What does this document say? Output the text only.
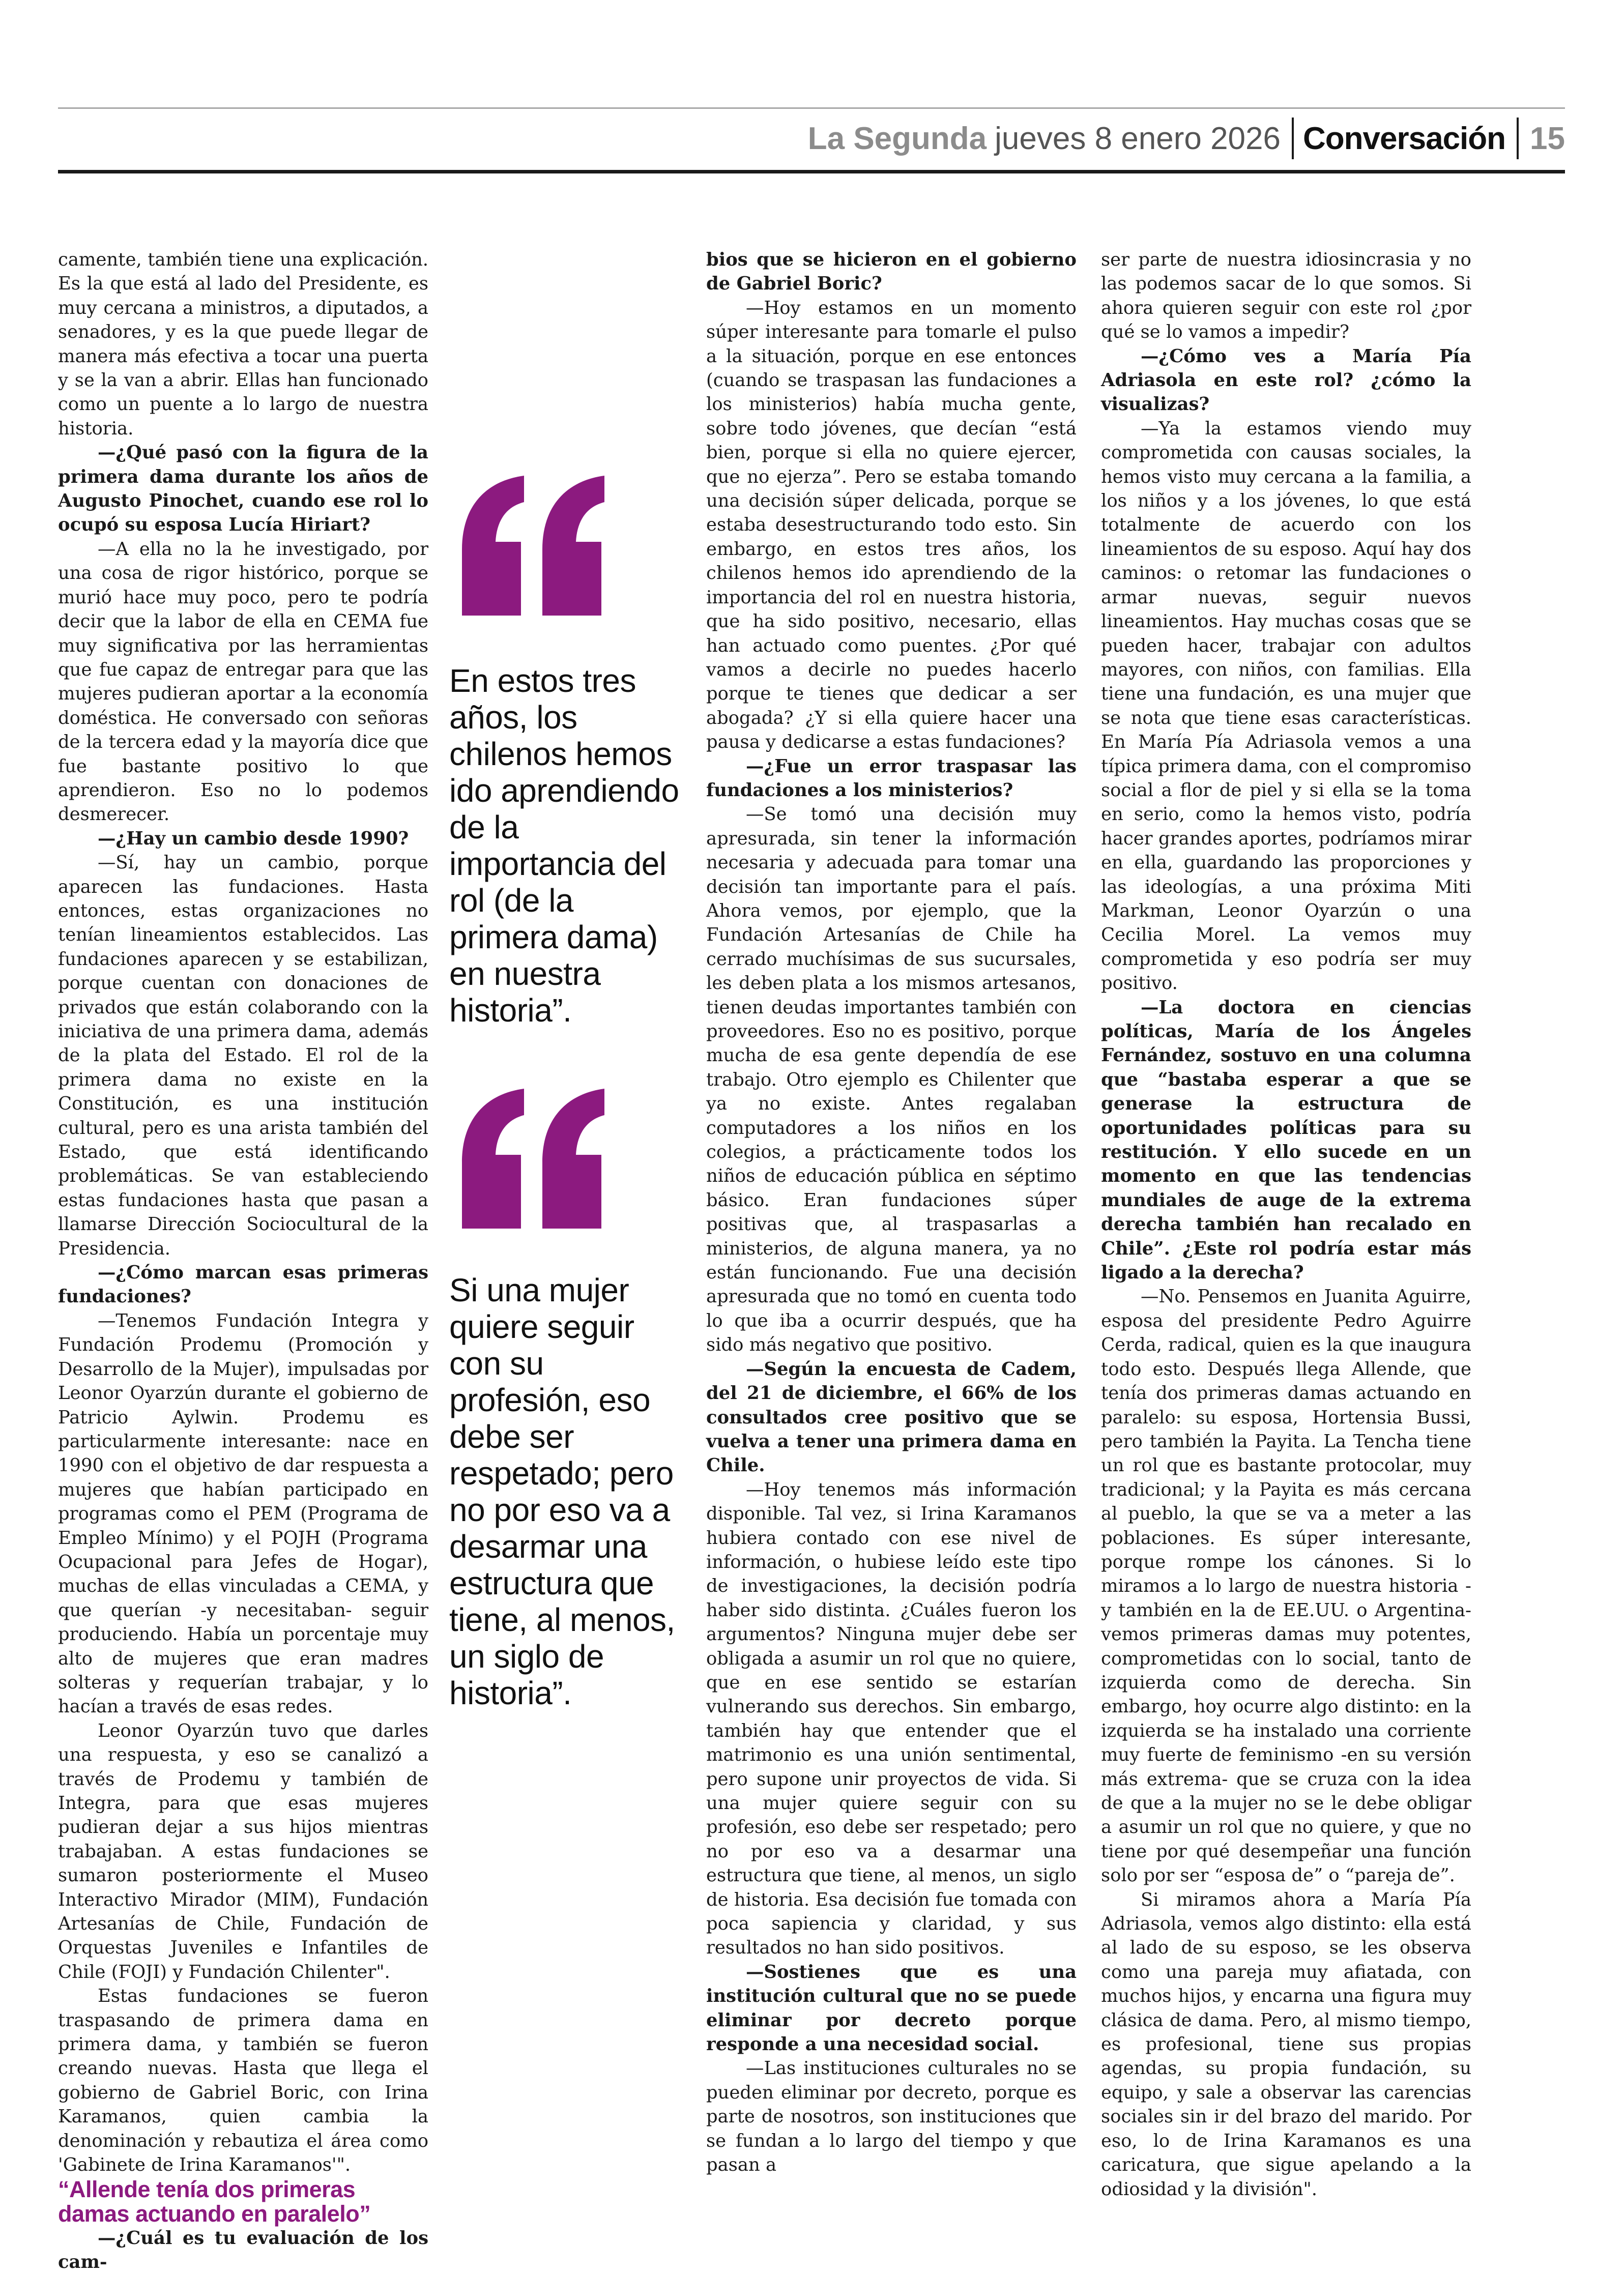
La Segunda jueves 8 enero 2026 Conversación 15

camente, también tiene una explicación. Es la que está al lado del Presidente, es muy cercana a ministros, a diputados, a senadores, y es la que puede llegar de manera más efectiva a tocar una puerta y se la van a abrir. Ellas han funcionado como un puente a lo largo de nuestra historia.

—¿Qué pasó con la figura de la primera dama durante los años de Augusto Pinochet, cuando ese rol lo ocupó su esposa Lucía Hiriart?

—A ella no la he investigado, por una cosa de rigor histórico, porque se murió hace muy poco, pero te podría decir que la labor de ella en CEMA fue muy significativa por las herramientas que fue capaz de entregar para que las mujeres pudieran aportar a la economía doméstica. He conversado con señoras de la tercera edad y la mayoría dice que fue bastante positivo lo que aprendieron. Eso no lo podemos desmerecer.

—¿Hay un cambio desde 1990?

—Sí, hay un cambio, porque aparecen las fundaciones. Hasta entonces, estas organizaciones no tenían lineamientos establecidos. Las fundaciones aparecen y se estabilizan, porque cuentan con donaciones de privados que están colaborando con la iniciativa de una primera dama, además de la plata del Estado. El rol de la primera dama no existe en la Constitución, es una institución cultural, pero es una arista también del Estado, que está identificando problemáticas. Se van estableciendo estas fundaciones hasta que pasan a llamarse Dirección Sociocultural de la Presidencia.

—¿Cómo marcan esas primeras fundaciones?

—Tenemos Fundación Integra y Fundación Prodemu (Promoción y Desarrollo de la Mujer), impulsadas por Leonor Oyarzún durante el gobierno de Patricio Aylwin. Prodemu es particularmente interesante: nace en 1990 con el objetivo de dar respuesta a mujeres que habían participado en programas como el PEM (Programa de Empleo Mínimo) y el POJH (Programa Ocupacional para Jefes de Hogar), muchas de ellas vinculadas a CEMA, y que querían -y necesitaban- seguir produciendo. Había un porcentaje muy alto de mujeres que eran madres solteras y requerían trabajar, y lo hacían a través de esas redes.

Leonor Oyarzún tuvo que darles una respuesta, y eso se canalizó a través de Prodemu y también de Integra, para que esas mujeres pudieran dejar a sus hijos mientras trabajaban. A estas fundaciones se sumaron posteriormente el Museo Interactivo Mirador (MIM), Fundación Artesanías de Chile, Fundación de Orquestas Juveniles e Infantiles de Chile (FOJI) y Fundación Chilenter".

Estas fundaciones se fueron traspasando de primera dama en primera dama, y también se fueron creando nuevas. Hasta que llega el gobierno de Gabriel Boric, con Irina Karamanos, quien cambia la denominación y rebautiza el área como 'Gabinete de Irina Karamanos'".

“Allende tenía dos primeras damas actuando en paralelo”

—¿Cuál es tu evaluación de los cam-

En estos tres años, los chilenos hemos ido aprendiendo de la importancia del rol (de la primera dama) en nuestra historia”.
Si una mujer quiere seguir con su profesión, eso debe ser respetado; pero no por eso va a desarmar una estructura que tiene, al menos, un siglo de historia”.

bios que se hicieron en el gobierno de Gabriel Boric?

—Hoy estamos en un momento súper interesante para tomarle el pulso a la situación, porque en ese entonces (cuando se traspasan las fundaciones a los ministerios) había mucha gente, sobre todo jóvenes, que decían “está bien, porque si ella no quiere ejercer, que no ejerza”. Pero se estaba tomando una decisión súper delicada, porque se estaba desestructurando todo esto. Sin embargo, en estos tres años, los chilenos hemos ido aprendiendo de la importancia del rol en nuestra historia, que ha sido positivo, necesario, ellas han actuado como puentes. ¿Por qué vamos a decirle no puedes hacerlo porque te tienes que dedicar a ser abogada? ¿Y si ella quiere hacer una pausa y dedicarse a estas fundaciones?

—¿Fue un error traspasar las fundaciones a los ministerios?

—Se tomó una decisión muy apresurada, sin tener la información necesaria y adecuada para tomar una decisión tan importante para el país. Ahora vemos, por ejemplo, que la Fundación Artesanías de Chile ha cerrado muchísimas de sus sucursales, les deben plata a los mismos artesanos, tienen deudas importantes también con proveedores. Eso no es positivo, porque mucha de esa gente dependía de ese trabajo. Otro ejemplo es Chilenter que ya no existe. Antes regalaban computadores a los niños en los colegios, a prácticamente todos los niños de educación pública en séptimo básico. Eran fundaciones súper positivas que, al traspasarlas a ministerios, de alguna manera, ya no están funcionando. Fue una decisión apresurada que no tomó en cuenta todo lo que iba a ocurrir después, que ha sido más negativo que positivo.

—Según la encuesta de Cadem, del 21 de diciembre, el 66% de los consultados cree positivo que se vuelva a tener una primera dama en Chile.

—Hoy tenemos más información disponible. Tal vez, si Irina Karamanos hubiera contado con ese nivel de información, o hubiese leído este tipo de investigaciones, la decisión podría haber sido distinta. ¿Cuáles fueron los argumentos? Ninguna mujer debe ser obligada a asumir un rol que no quiere, que en ese sentido se estarían vulnerando sus derechos. Sin embargo, también hay que entender que el matrimonio es una unión sentimental, pero supone unir proyectos de vida. Si una mujer quiere seguir con su profesión, eso debe ser respetado; pero no por eso va a desarmar una estructura que tiene, al menos, un siglo de historia. Esa decisión fue tomada con poca sapiencia y claridad, y sus resultados no han sido positivos.

—Sostienes que es una institución cultural que no se puede eliminar por decreto porque responde a una necesidad social.

—Las instituciones culturales no se pueden eliminar por decreto, porque es parte de nosotros, son instituciones que se fundan a lo largo del tiempo y que pasan a

ser parte de nuestra idiosincrasia y no las podemos sacar de lo que somos. Si ahora quieren seguir con este rol ¿por qué se lo vamos a impedir?

—¿Cómo ves a María Pía Adriasola en este rol? ¿cómo la visualizas?

—Ya la estamos viendo muy comprometida con causas sociales, la hemos visto muy cercana a la familia, a los niños y a los jóvenes, lo que está totalmente de acuerdo con los lineamientos de su esposo. Aquí hay dos caminos: o retomar las fundaciones o armar nuevas, seguir nuevos lineamientos. Hay muchas cosas que se pueden hacer, trabajar con adultos mayores, con niños, con familias. Ella tiene una fundación, es una mujer que se nota que tiene esas características. En María Pía Adriasola vemos a una típica primera dama, con el compromiso social a flor de piel y si ella se la toma en serio, como la hemos visto, podría hacer grandes aportes, podríamos mirar en ella, guardando las proporciones y las ideologías, a una próxima Miti Markman, Leonor Oyarzún o una Cecilia Morel. La vemos muy comprometida y eso podría ser muy positivo.

—La doctora en ciencias políticas, María de los Ángeles Fernández, sostuvo en una columna que “bastaba esperar a que se generase la estructura de oportunidades políticas para su restitución. Y ello sucede en un momento en que las tendencias mundiales de auge de la extrema derecha también han recalado en Chile”. ¿Este rol podría estar más ligado a la derecha?

—No. Pensemos en Juanita Aguirre, esposa del presidente Pedro Aguirre Cerda, radical, quien es la que inaugura todo esto. Después llega Allende, que tenía dos primeras damas actuando en paralelo: su esposa, Hortensia Bussi, pero también la Payita. La Tencha tiene un rol que es bastante protocolar, muy tradicional; y la Payita es más cercana al pueblo, la que se va a meter a las poblaciones. Es súper interesante, porque rompe los cánones. Si lo miramos a lo largo de nuestra historia -y también en la de EE.UU. o Argentina- vemos primeras damas muy potentes, comprometidas con lo social, tanto de izquierda como de derecha. Sin embargo, hoy ocurre algo distinto: en la izquierda se ha instalado una corriente muy fuerte de feminismo -en su versión más extrema- que se cruza con la idea de que a la mujer no se le debe obligar a asumir un rol que no quiere, y que no tiene por qué desempeñar una función solo por ser “esposa de” o “pareja de”.

Si miramos ahora a María Pía Adriasola, vemos algo distinto: ella está al lado de su esposo, se les observa como una pareja muy afiatada, con muchos hijos, y encarna una figura muy clásica de dama. Pero, al mismo tiempo, es profesional, tiene sus propias agendas, su propia fundación, su equipo, y sale a observar las carencias sociales sin ir del brazo del marido. Por eso, lo de Irina Karamanos es una caricatura, que sigue apelando a la odiosidad y la división".
